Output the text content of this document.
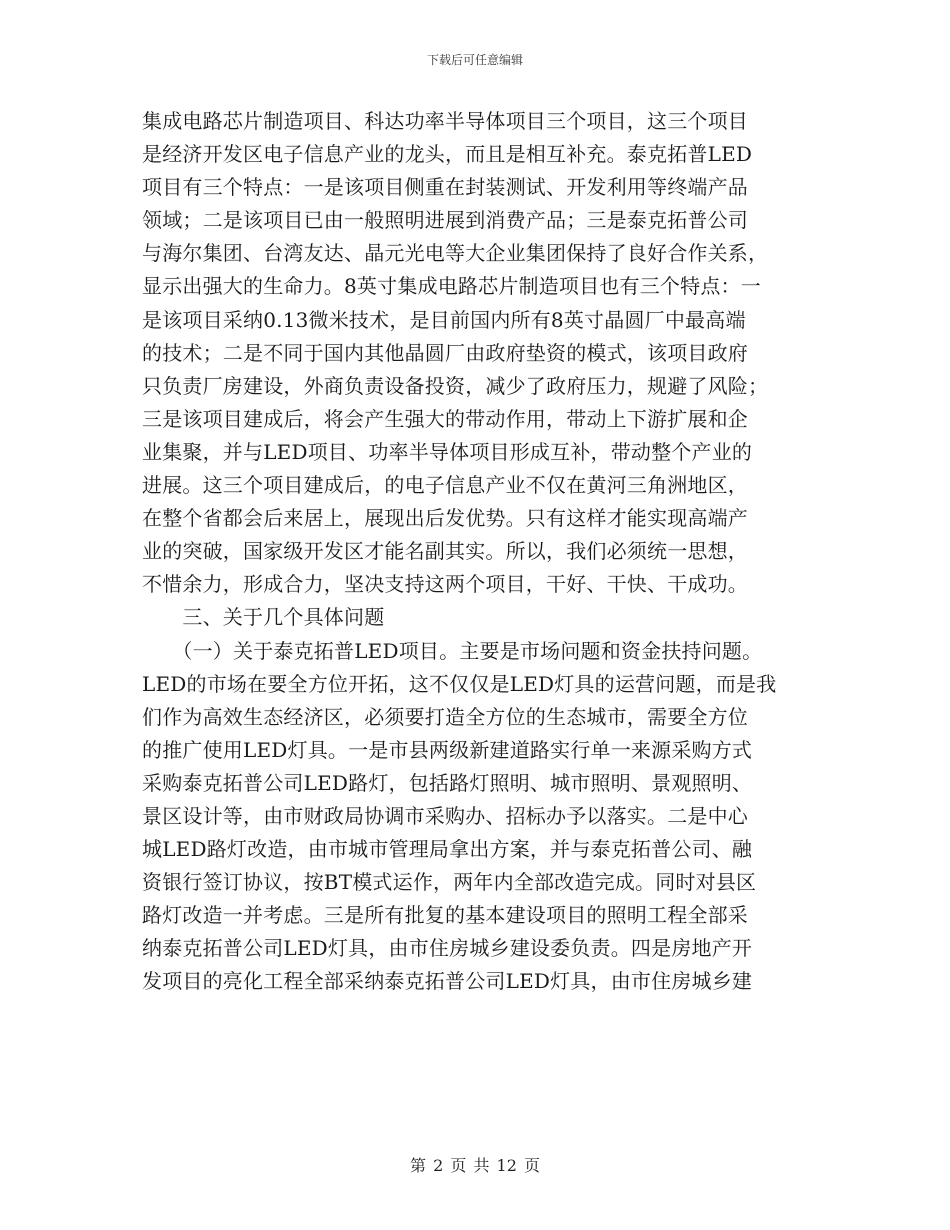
下载后可任意编辑
集成电路芯片制造项目、科达功率半导体项目三个项目，这三个项目
是经济开发区电子信息产业的龙头，而且是相互补充。泰克拓普LED
项目有三个特点：一是该项目侧重在封装测试、开发利用等终端产品
领域；二是该项目已由一般照明进展到消费产品；三是泰克拓普公司
与海尔集团、台湾友达、晶元光电等大企业集团保持了良好合作关系，
显示出强大的生命力。8英寸集成电路芯片制造项目也有三个特点：一
是该项目采纳0.13微米技术，是目前国内所有8英寸晶圆厂中最高端
的技术；二是不同于国内其他晶圆厂由政府垫资的模式，该项目政府
只负责厂房建设，外商负责设备投资，减少了政府压力，规避了风险；
三是该项目建成后，将会产生强大的带动作用，带动上下游扩展和企
业集聚，并与LED项目、功率半导体项目形成互补，带动整个产业的
进展。这三个项目建成后，的电子信息产业不仅在黄河三角洲地区，
在整个省都会后来居上，展现出后发优势。只有这样才能实现高端产
业的突破，国家级开发区才能名副其实。所以，我们必须统一思想，
不惜余力，形成合力，坚决支持这两个项目，干好、干快、干成功。
　　三、关于几个具体问题
　　（一）关于泰克拓普LED项目。主要是市场问题和资金扶持问题。
LED的市场在要全方位开拓，这不仅仅是LED灯具的运营问题，而是我
们作为高效生态经济区，必须要打造全方位的生态城市，需要全方位
的推广使用LED灯具。一是市县两级新建道路实行单一来源采购方式
采购泰克拓普公司LED路灯，包括路灯照明、城市照明、景观照明、
景区设计等，由市财政局协调市采购办、招标办予以落实。二是中心
城LED路灯改造，由市城市管理局拿出方案，并与泰克拓普公司、融
资银行签订协议，按BT模式运作，两年内全部改造完成。同时对县区
路灯改造一并考虑。三是所有批复的基本建设项目的照明工程全部采
纳泰克拓普公司LED灯具，由市住房城乡建设委负责。四是房地产开
发项目的亮化工程全部采纳泰克拓普公司LED灯具，由市住房城乡建
第 2 页 共 12 页
